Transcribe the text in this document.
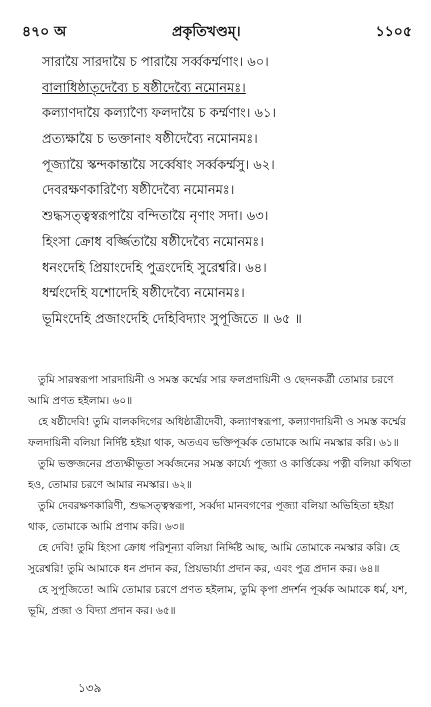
৪৭০ অ	প্রকৃতিখণ্ডম্।	১১০৫
সারায়ৈ সারদায়ৈ চ পারায়ৈ সর্ব্বকর্ম্মণাং। ৬০।
বালাধিষ্ঠাতৃদেব্যৈ চ ষষ্ঠীদেব্যৈ নমোনমঃ।
কল্যাণদায়ৈ কল্যাণ্যৈ ফলদায়ৈ চ কর্ম্মণাং। ৬১।
প্রত্যক্ষায়ৈ চ ভক্তানাং ষষ্ঠীদেব্যৈ নমোনমঃ।
পূজ্যায়ৈ স্কন্দকান্তায়ৈ সর্ব্বেষাং সর্ব্বকর্ম্মসু। ৬২।
দেবরক্ষণকারিণ্যৈ ষষ্ঠীদেব্যৈ নমোনমঃ।
শুদ্ধসত্ত্বস্বরূপায়ৈ বন্দিতায়ৈ নৃণাং সদা। ৬৩।
হিংসা ক্রোধ বর্জ্জিতায়ৈ ষষ্ঠীদেব্যৈ নমোনমঃ।
ধনংদেহি প্রিয়াংদেহি পুত্রংদেহি সুরেশ্বরি। ৬৪।
ধর্ম্মংদেহি যশোদেহি ষষ্ঠীদেব্যৈ নমোনমঃ।
ভূমিংদেহি প্রজাংদেহি দেহিবিদ্যাং সুপূজিতে ॥ ৬৫ ॥

তুমি সারস্বরূপা সারদায়িনী ও সমস্ত কর্ম্মের সার ফলপ্রদায়িনী ও ছেদনকর্ত্রী তোমার চরণে আমি প্রণত হইলাম। ৬০॥

হে ষষ্ঠীদেবি! তুমি বালকদিগের অধিষ্ঠাত্রীদেবী, কল্যাণস্বরূপা, কল্যাণদায়িনী ও সমস্ত কর্ম্মের ফলদায়িনী বলিয়া নির্দিষ্ট হইয়া থাক, অতএব ভক্তিপূর্ব্বক তোমাকে আমি নমস্কার করি। ৬১॥

তুমি ভক্তজনের প্রত্যক্ষীভূতা সর্ব্বজনের সমস্ত কার্য্যে পূজ্যা ও কার্ত্তিকেয় পত্নী বলিয়া কথিতা হও, তোমার চরণে আমার নমস্কার। ৬২॥

তুমি দেবরক্ষণকারিণী, শুদ্ধসত্ত্বস্বরূপা, সর্ব্বদা মানবগণের পূজ্যা বলিয়া অভিহিতা হইয়া থাক, তোমাকে আমি প্রণাম করি। ৬৩॥

হে দেবি! তুমি হিংসা ক্রোধ পরিশূন্যা বলিয়া নির্দ্দিষ্ট আছ, আমি তোমাকে নমস্কার করি। হে সুরেশ্বরি! তুমি আমাকে ধন প্রদান কর, প্রিয়ভার্য্যা প্রদান কর, এবং পুত্র প্রদান কর। ৬৪॥

হে সুপূজিতে! আমি তোমার চরণে প্রণত হইলাম, তুমি কৃপা প্রদর্শন পূর্ব্বক আমাকে ধর্ম, যশ, ভূমি, প্রজা ও বিদ্যা প্রদান কর। ৬৫॥

১৩৯
